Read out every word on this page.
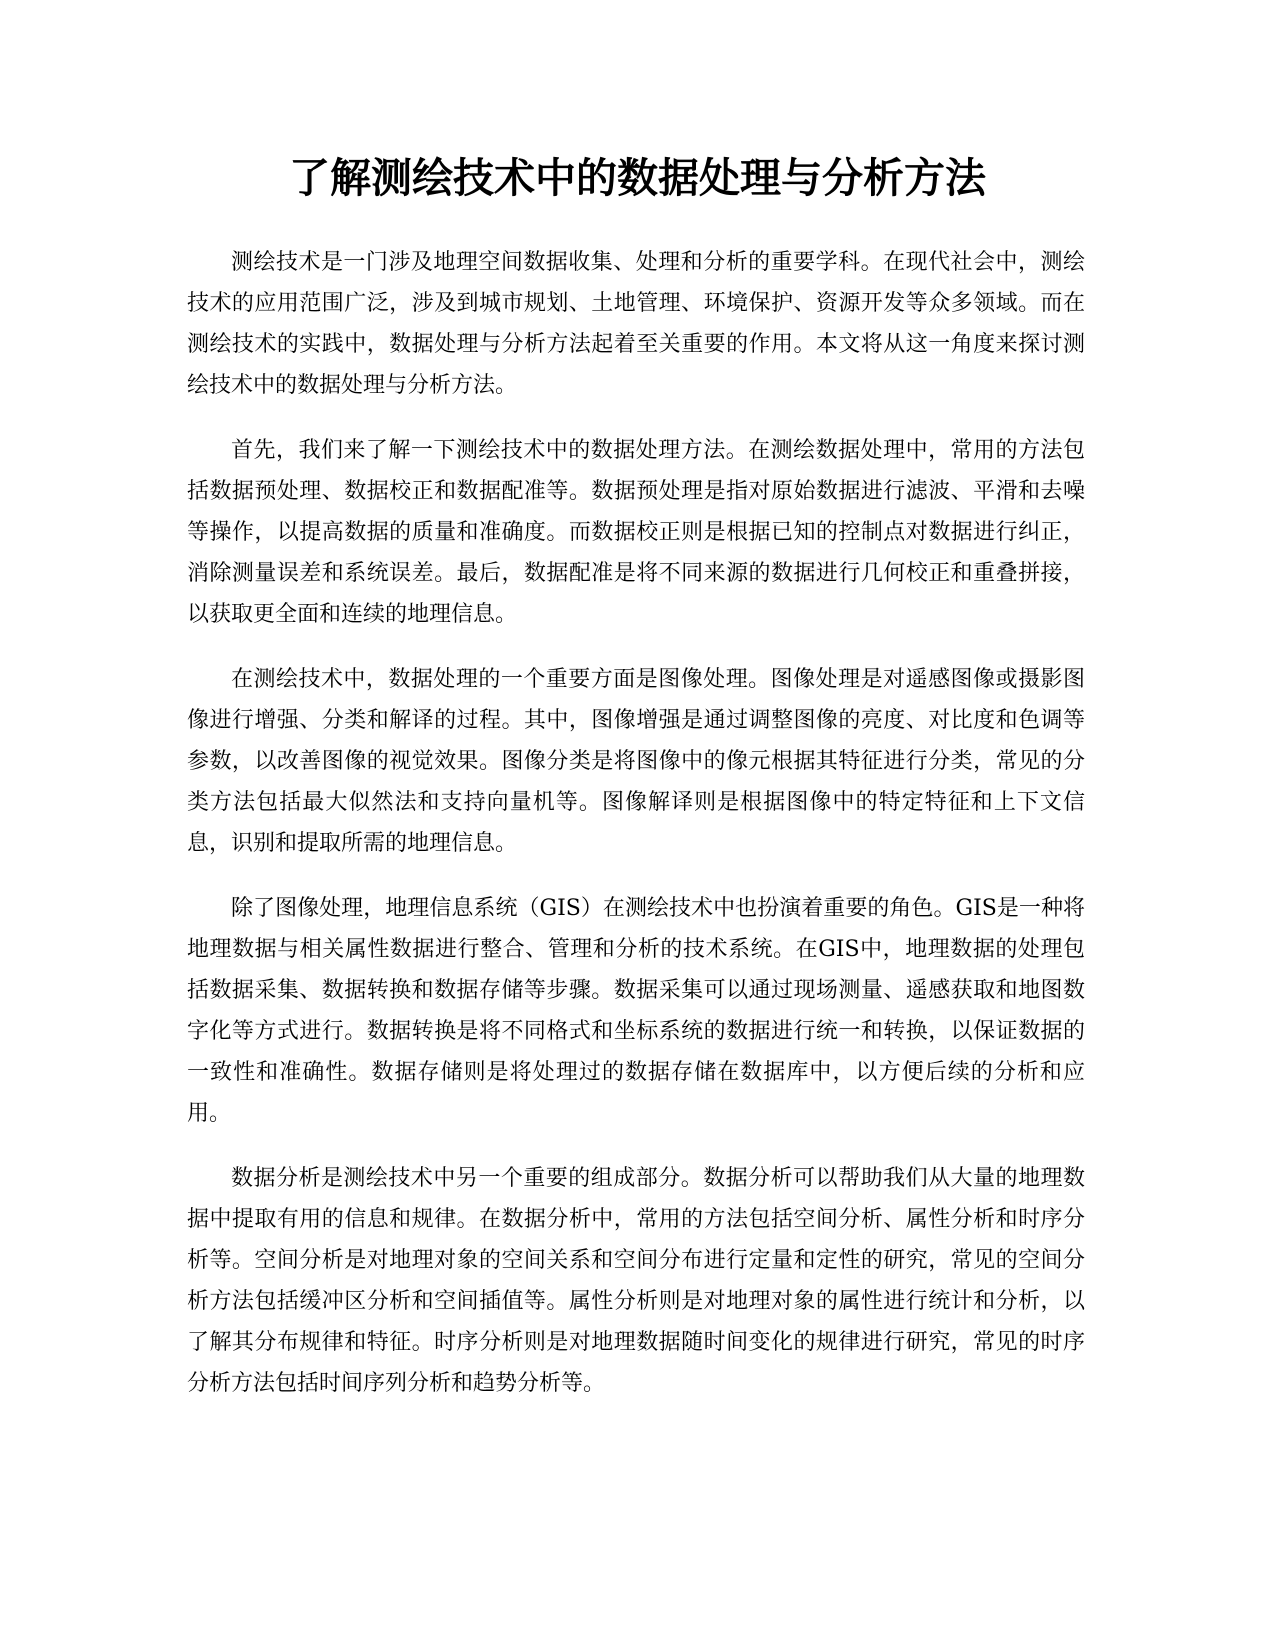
了解测绘技术中的数据处理与分析方法

测绘技术是一门涉及地理空间数据收集、处理和分析的重要学科。在现代社会中，测绘技术的应用范围广泛，涉及到城市规划、土地管理、环境保护、资源开发等众多领域。而在测绘技术的实践中，数据处理与分析方法起着至关重要的作用。本文将从这一角度来探讨测绘技术中的数据处理与分析方法。

首先，我们来了解一下测绘技术中的数据处理方法。在测绘数据处理中，常用的方法包括数据预处理、数据校正和数据配准等。数据预处理是指对原始数据进行滤波、平滑和去噪等操作，以提高数据的质量和准确度。而数据校正则是根据已知的控制点对数据进行纠正，消除测量误差和系统误差。最后，数据配准是将不同来源的数据进行几何校正和重叠拼接，以获取更全面和连续的地理信息。

在测绘技术中，数据处理的一个重要方面是图像处理。图像处理是对遥感图像或摄影图像进行增强、分类和解译的过程。其中，图像增强是通过调整图像的亮度、对比度和色调等参数，以改善图像的视觉效果。图像分类是将图像中的像元根据其特征进行分类，常见的分类方法包括最大似然法和支持向量机等。图像解译则是根据图像中的特定特征和上下文信息，识别和提取所需的地理信息。

除了图像处理，地理信息系统（GIS）在测绘技术中也扮演着重要的角色。GIS是一种将地理数据与相关属性数据进行整合、管理和分析的技术系统。在GIS中，地理数据的处理包括数据采集、数据转换和数据存储等步骤。数据采集可以通过现场测量、遥感获取和地图数字化等方式进行。数据转换是将不同格式和坐标系统的数据进行统一和转换，以保证数据的一致性和准确性。数据存储则是将处理过的数据存储在数据库中，以方便后续的分析和应用。

数据分析是测绘技术中另一个重要的组成部分。数据分析可以帮助我们从大量的地理数据中提取有用的信息和规律。在数据分析中，常用的方法包括空间分析、属性分析和时序分析等。空间分析是对地理对象的空间关系和空间分布进行定量和定性的研究，常见的空间分析方法包括缓冲区分析和空间插值等。属性分析则是对地理对象的属性进行统计和分析，以了解其分布规律和特征。时序分析则是对地理数据随时间变化的规律进行研究，常见的时序分析方法包括时间序列分析和趋势分析等。
